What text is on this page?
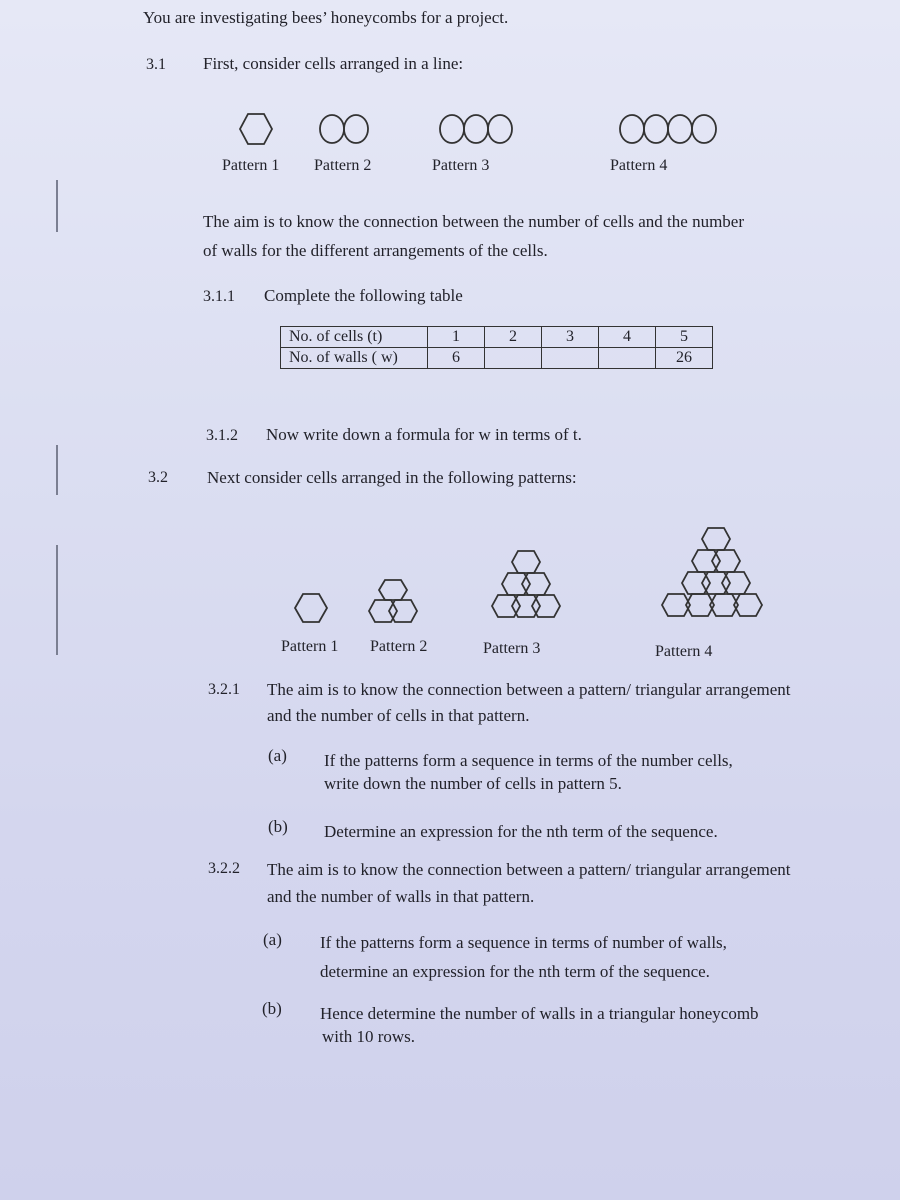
You are investigating bees’ honeycombs for a project.
3.1 First, consider cells arranged in a line:
Pattern 1 Pattern 2	Pattern 3	Pattern 4
The aim is to know the connection between the number of cells and the number
of walls for the different arrangements of the cells.
3.1.1 Complete the following table
No. of cells (t)	1	2	3	4	5
No. of walls ( w)	6				26
3.1.2 Now write down a formula for w in terms of t.
3.2 Next consider cells arranged in the following patterns:
Pattern 1 Pattern 2	Pattern 3	Pattern 4
3.2.1 The aim is to know the connection between a pattern/ triangular arrangement
and the number of cells in that pattern.
(a) If the patterns form a sequence in terms of the number cells,
write down the number of cells in pattern 5.
(b) Determine an expression for the nth term of the sequence.
3.2.2 The aim is to know the connection between a pattern/ triangular arrangement
and the number of walls in that pattern.
(a) If the patterns form a sequence in terms of number of walls,
determine an expression for the nth term of the sequence.
(b) Hence determine the number of walls in a triangular honeycomb
with 10 rows.
